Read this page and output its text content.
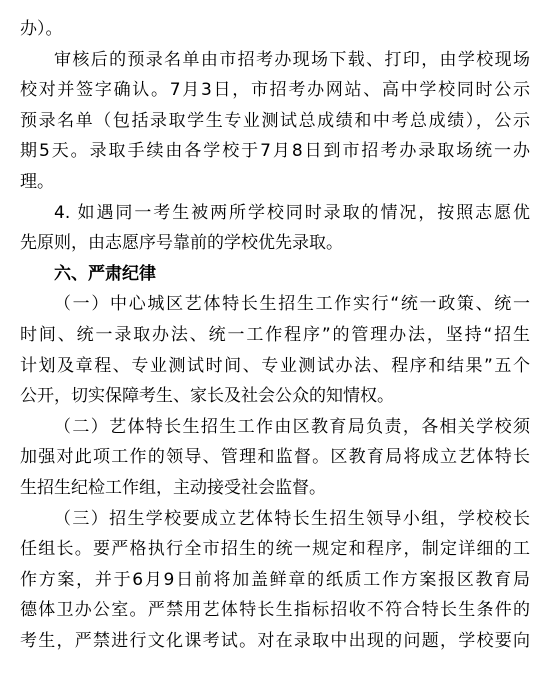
办）。
审核后的预录名单由市招考办现场下载、打印，由学校现场
校对并签字确认。7月3日，市招考办网站、高中学校同时公示
预录名单（包括录取学生专业测试总成绩和中考总成绩），公示
期5天。录取手续由各学校于7月8日到市招考办录取场统一办
理。
4. 如遇同一考生被两所学校同时录取的情况，按照志愿优
先原则，由志愿序号靠前的学校优先录取。
六、严肃纪律
（一）中心城区艺体特长生招生工作实行“统一政策、统一
时间、统一录取办法、统一工作程序”的管理办法，坚持“招生
计划及章程、专业测试时间、专业测试办法、程序和结果”五个
公开，切实保障考生、家长及社会公众的知情权。
（二）艺体特长生招生工作由区教育局负责，各相关学校须
加强对此项工作的领导、管理和监督。区教育局将成立艺体特长
生招生纪检工作组，主动接受社会监督。
（三）招生学校要成立艺体特长生招生领导小组，学校校长
任组长。要严格执行全市招生的统一规定和程序，制定详细的工
作方案，并于6月9日前将加盖鲜章的纸质工作方案报区教育局
德体卫办公室。严禁用艺体特长生指标招收不符合特长生条件的
考生，严禁进行文化课考试。对在录取中出现的问题，学校要向
